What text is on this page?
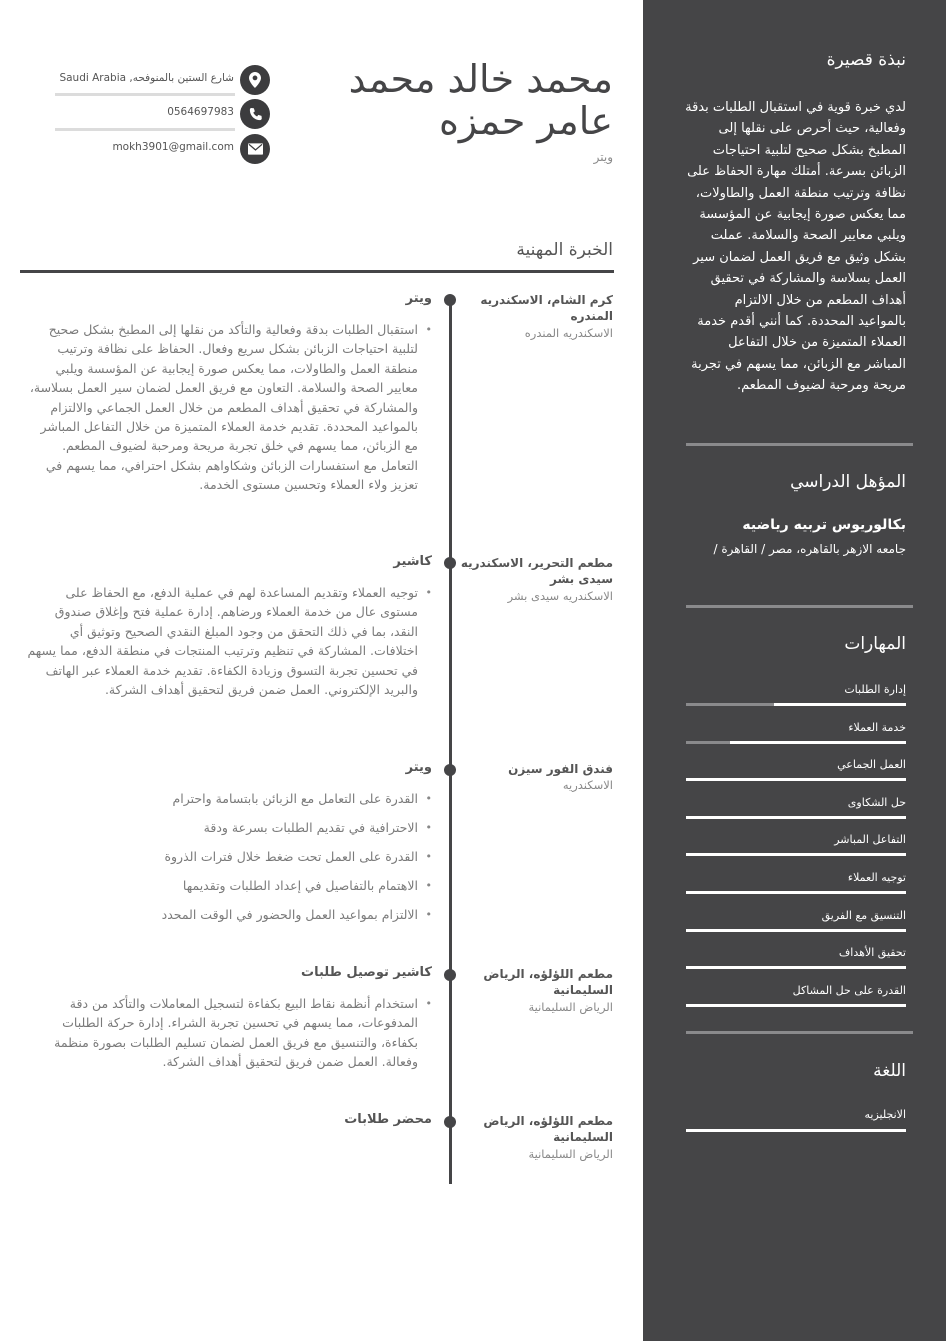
نبذة قصيرة
لدي خبرة قوية في استقبال الطلبات بدقة وفعالية، حيث أحرص على نقلها إلى المطبخ بشكل صحيح لتلبية احتياجات الزبائن بسرعة. أمتلك مهارة الحفاظ على نظافة وترتيب منطقة العمل والطاولات، مما يعكس صورة إيجابية عن المؤسسة ويلبي معايير الصحة والسلامة. عملت بشكل وثيق مع فريق العمل لضمان سير العمل بسلاسة والمشاركة في تحقيق أهداف المطعم من خلال الالتزام بالمواعيد المحددة. كما أنني أقدم خدمة العملاء المتميزة من خلال التفاعل المباشر مع الزبائن، مما يسهم في تجربة مريحة ومرحبة لضيوف المطعم.
المؤهل الدراسي
بكالوريوس تربيه رياضيه
جامعه الازهر بالقاهره، مصر / القاهرة /
المهارات
إدارة الطلبات
خدمة العملاء
العمل الجماعي
حل الشكاوى
التفاعل المباشر
توجيه العملاء
التنسيق مع الفريق
تحقيق الأهداف
القدرة على حل المشاكل
اللغة
الانجليزيه
محمد خالد محمد عامر حمزه
ويتر
شارع الستين بالمنوفحه, Saudi Arabia
0564697983
mokh3901@gmail.com
الخبرة المهنية
كرم الشام، الاسكندريه المندره
الاسكندريه المندره
ويتر
• استقبال الطلبات بدقة وفعالية والتأكد من نقلها إلى المطبخ بشكل صحيح لتلبية احتياجات الزبائن بشكل سريع وفعال. الحفاظ على نظافة وترتيب منطقة العمل والطاولات، مما يعكس صورة إيجابية عن المؤسسة ويلبي معايير الصحة والسلامة. التعاون مع فريق العمل لضمان سير العمل بسلاسة، والمشاركة في تحقيق أهداف المطعم من خلال العمل الجماعي والالتزام بالمواعيد المحددة. تقديم خدمة العملاء المتميزة من خلال التفاعل المباشر مع الزبائن، مما يسهم في خلق تجربة مريحة ومرحبة لضيوف المطعم. التعامل مع استفسارات الزبائن وشكاواهم بشكل احترافي، مما يسهم في تعزيز ولاء العملاء وتحسين مستوى الخدمة.
مطعم التحرير، الاسكندريه سيدى بشر
الاسكندريه سيدى بشر
كاشير
• توجيه العملاء وتقديم المساعدة لهم في عملية الدفع، مع الحفاظ على مستوى عال من خدمة العملاء ورضاهم. إدارة عملية فتح وإغلاق صندوق النقد، بما في ذلك التحقق من وجود المبلغ النقدي الصحيح وتوثيق أي اختلافات. المشاركة في تنظيم وترتيب المنتجات في منطقة الدفع، مما يسهم في تحسين تجربة التسوق وزيادة الكفاءة. تقديم خدمة العملاء عبر الهاتف والبريد الإلكتروني. العمل ضمن فريق لتحقيق أهداف الشركة.
فندق الفور سيزن
الاسكندريه
ويتر
• القدرة على التعامل مع الزبائن بابتسامة واحترام
• الاحترافية في تقديم الطلبات بسرعة ودقة
• القدرة على العمل تحت ضغط خلال فترات الذروة
• الاهتمام بالتفاصيل في إعداد الطلبات وتقديمها
• الالتزام بمواعيد العمل والحضور في الوقت المحدد
مطعم اللؤلؤه، الرياض السليمانية
الرياض السليمانية
كاشير توصيل طلبات
• استخدام أنظمة نقاط البيع بكفاءة لتسجيل المعاملات والتأكد من دقة المدفوعات، مما يسهم في تحسين تجربة الشراء. إدارة حركة الطلبات بكفاءة، والتنسيق مع فريق العمل لضمان تسليم الطلبات بصورة منظمة وفعالة. العمل ضمن فريق لتحقيق أهداف الشركة.
مطعم اللؤلؤه، الرياض السليمانية
الرياض السليمانية
محضر طلابات
